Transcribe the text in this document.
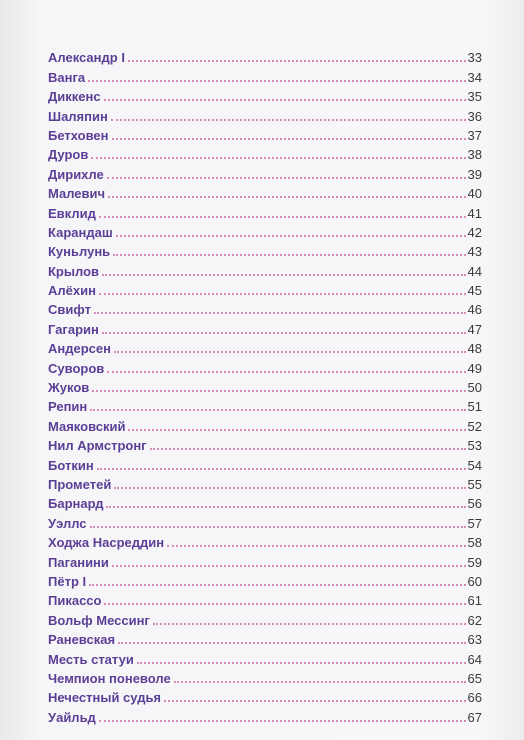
Александр I	33
Ванга	34
Диккенс	35
Шаляпин	36
Бетховен	37
Дуров	38
Дирихле	39
Малевич	40
Евклид	41
Карандаш	42
Куньлунь	43
Крылов	44
Алёхин	45
Свифт	46
Гагарин	47
Андерсен	48
Суворов	49
Жуков	50
Репин	51
Маяковский	52
Нил Армстронг	53
Боткин	54
Прометей	55
Барнард	56
Уэллс	57
Ходжа Насреддин	58
Паганини	59
Пётр I	60
Пикассо	61
Вольф Мессинг	62
Раневская	63
Месть статуи	64
Чемпион поневоле	65
Нечестный судья	66
Уайльд	67
